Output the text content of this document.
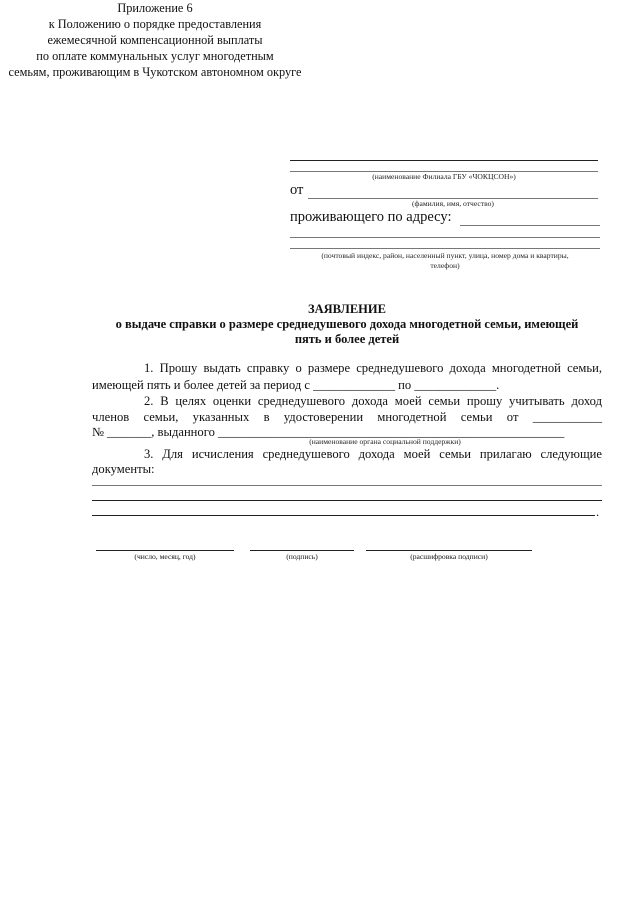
Приложение 6
к Положению о порядке предоставления
ежемесячной компенсационной выплаты
по оплате коммунальных услуг многодетным
семьям, проживающим в Чукотском автономном округе
(наименование Филиала ГБУ «ЧОКЦСОН»)
от
(фамилия, имя, отчество)
проживающего по адресу:
(почтовый индекс, район, населенный пункт, улица, номер дома и квартиры,
телефон)
ЗАЯВЛЕНИЕ
о выдаче справки о размере среднедушевого дохода многодетной семьи, имеющей
пять и более детей
1. Прошу выдать справку о размере среднедушевого дохода многодетной семьи,
имеющей пять и более детей за период с _____________ по _____________.
2. В целях оценки среднедушевого дохода моей семьи прошу учитывать доход
членов семьи, указанных в удостоверении многодетной семьи от ___________
№ _______, выданного _______________________________________________________
(наименование органа социальной поддержки)
3. Для исчисления среднедушевого дохода моей семьи прилагаю следующие
документы:
.
(число, месяц, год)	(подпись)	(расшифровка подписи)
